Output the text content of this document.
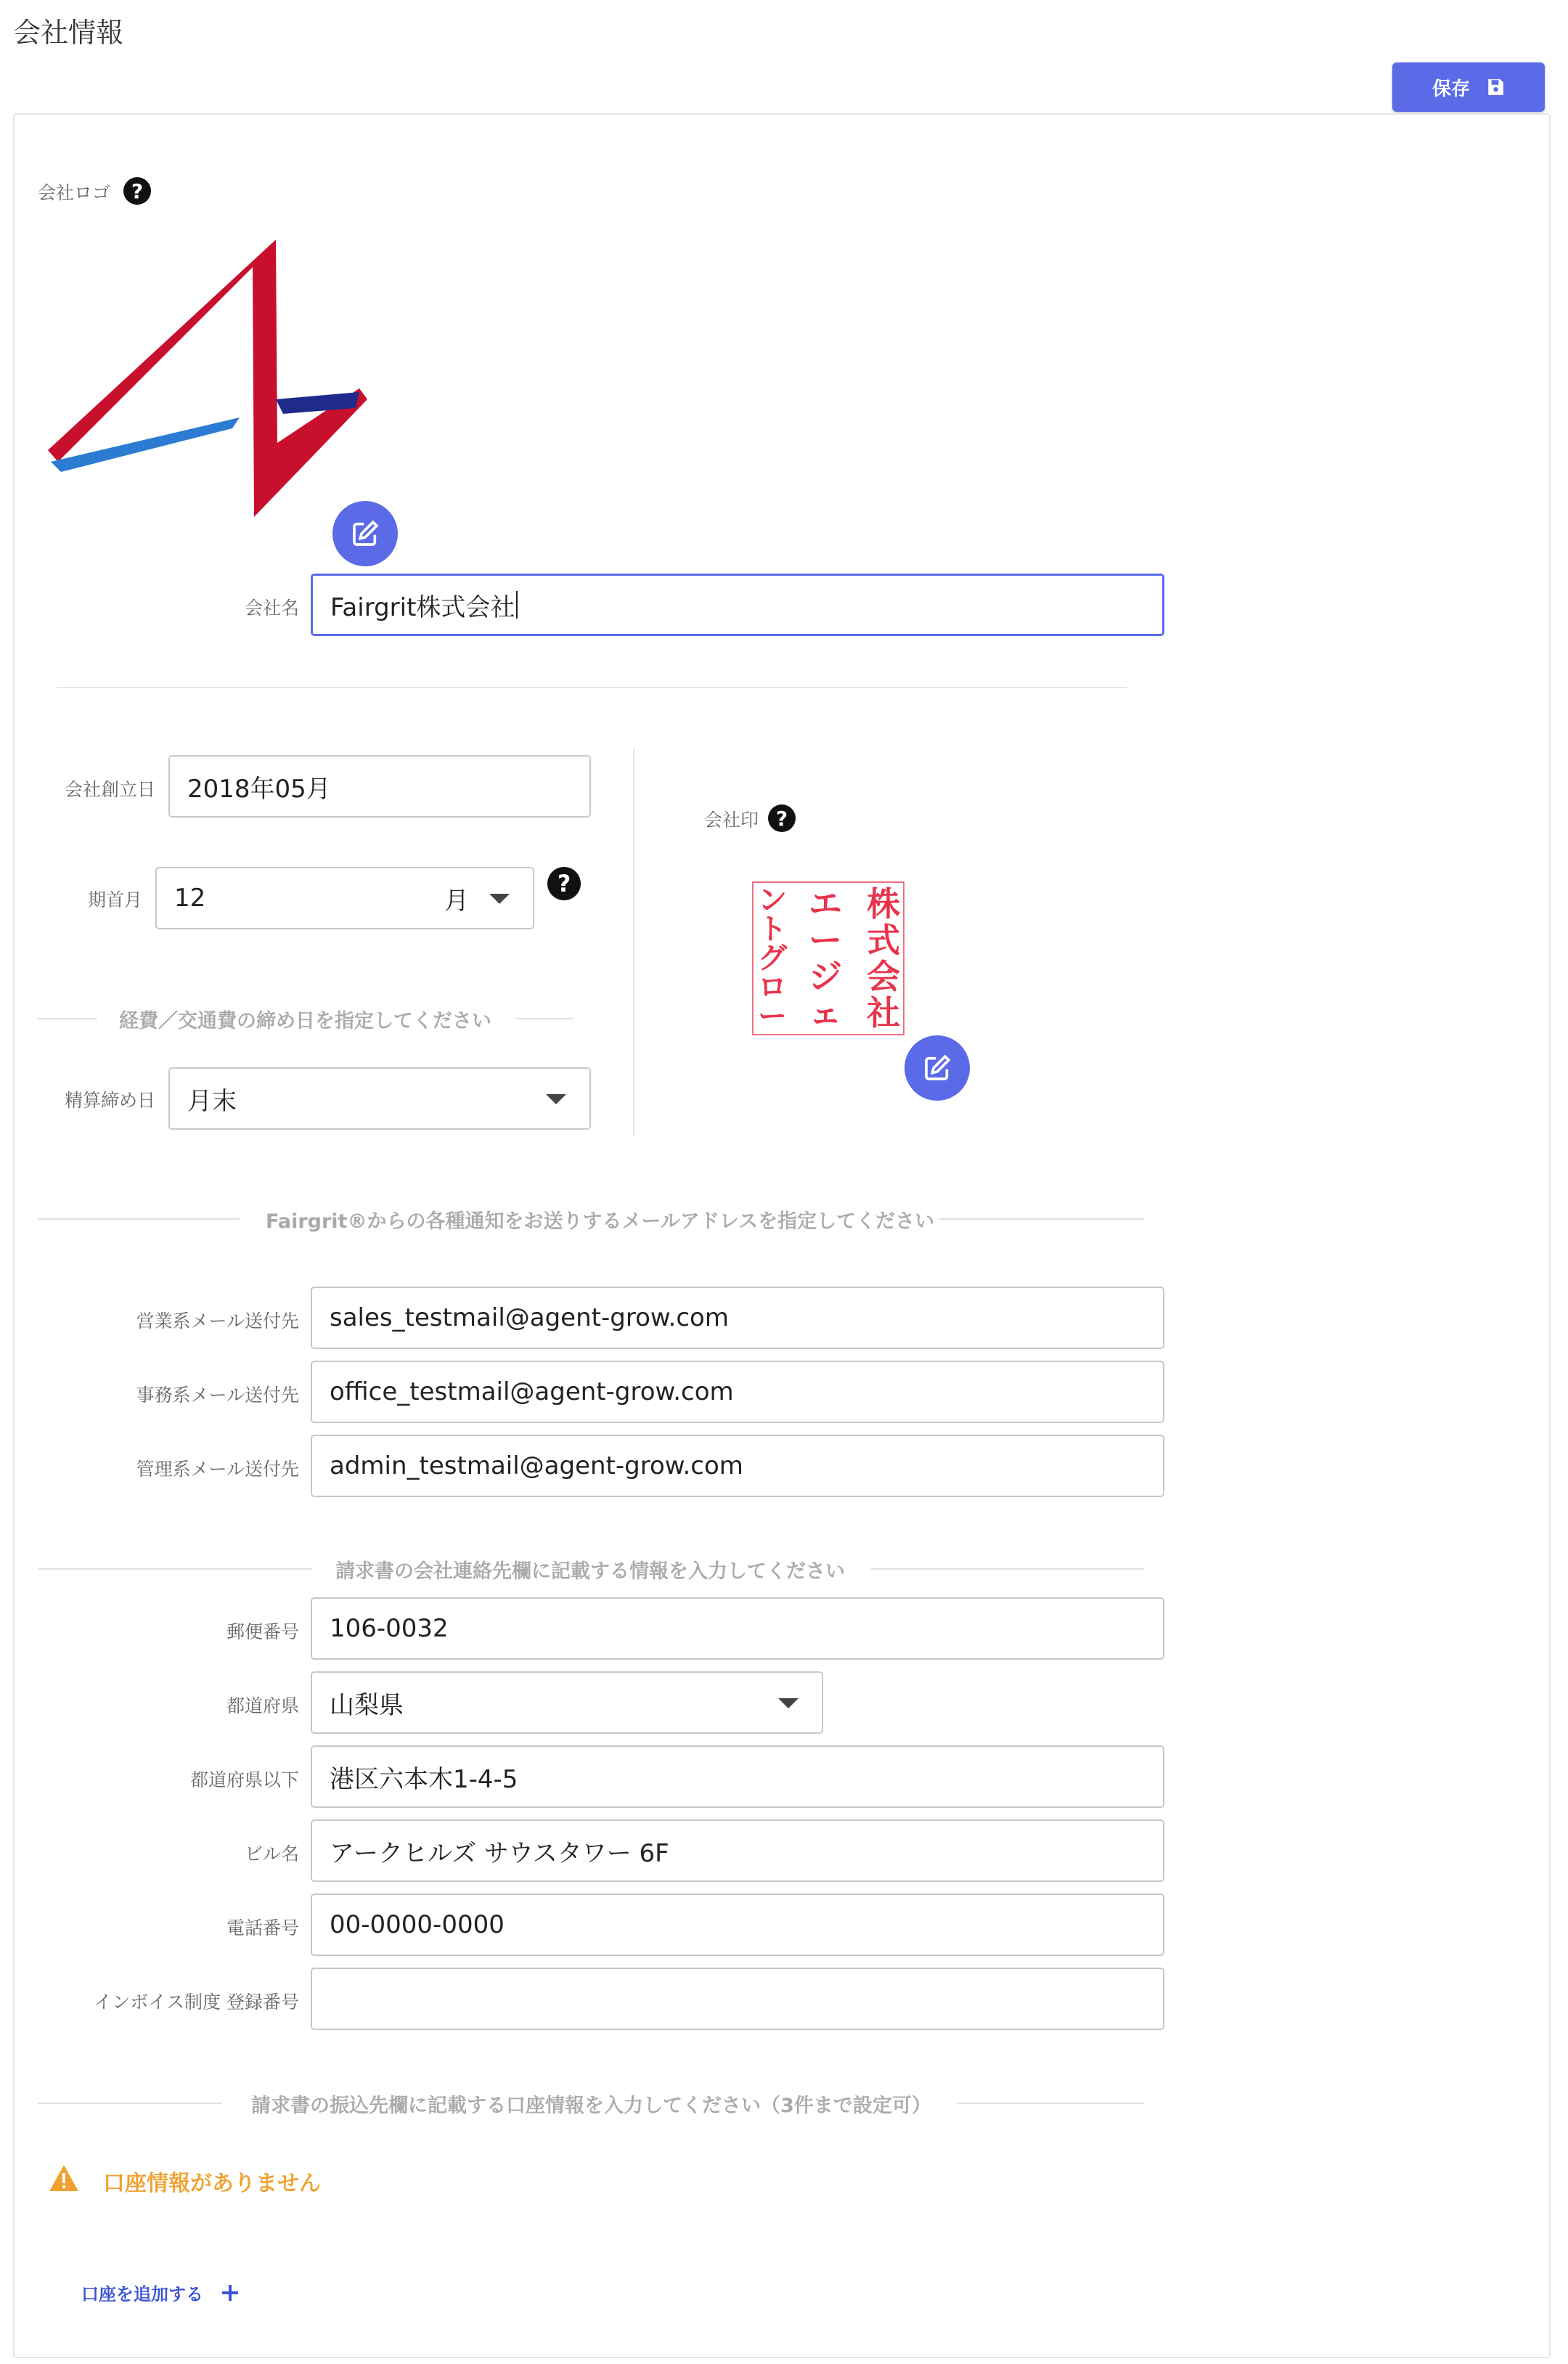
会社情報
保存
会社ロゴ	?
会社名 Fairgrit株式会社
会社創立日	2018年05月
期首月 12	月
?
経費／交通費の締め日を指定してください
精算締め日 月末
会社印 ?
株
式
会
社
エ
ー
ジ
ェ
ン
ト
グ
ロ
ー
Fairgrit®からの各種通知をお送りするメールアドレスを指定してください
営業系メール送付先	sales_testmail@agent-grow.com
事務系メール送付先	office_testmail@agent-grow.com
管理系メール送付先	admin_testmail@agent-grow.com
請求書の会社連絡先欄に記載する情報を入力してください
郵便番号	106-0032
都道府県 山梨県
都道府県以下	港区六本木1-4-5
ビル名	アークヒルズ サウスタワー 6F
電話番号	00-0000-0000
インボイス制度 登録番号
請求書の振込先欄に記載する口座情報を入力してください（3件まで設定可）
口座情報がありません
口座を追加する
